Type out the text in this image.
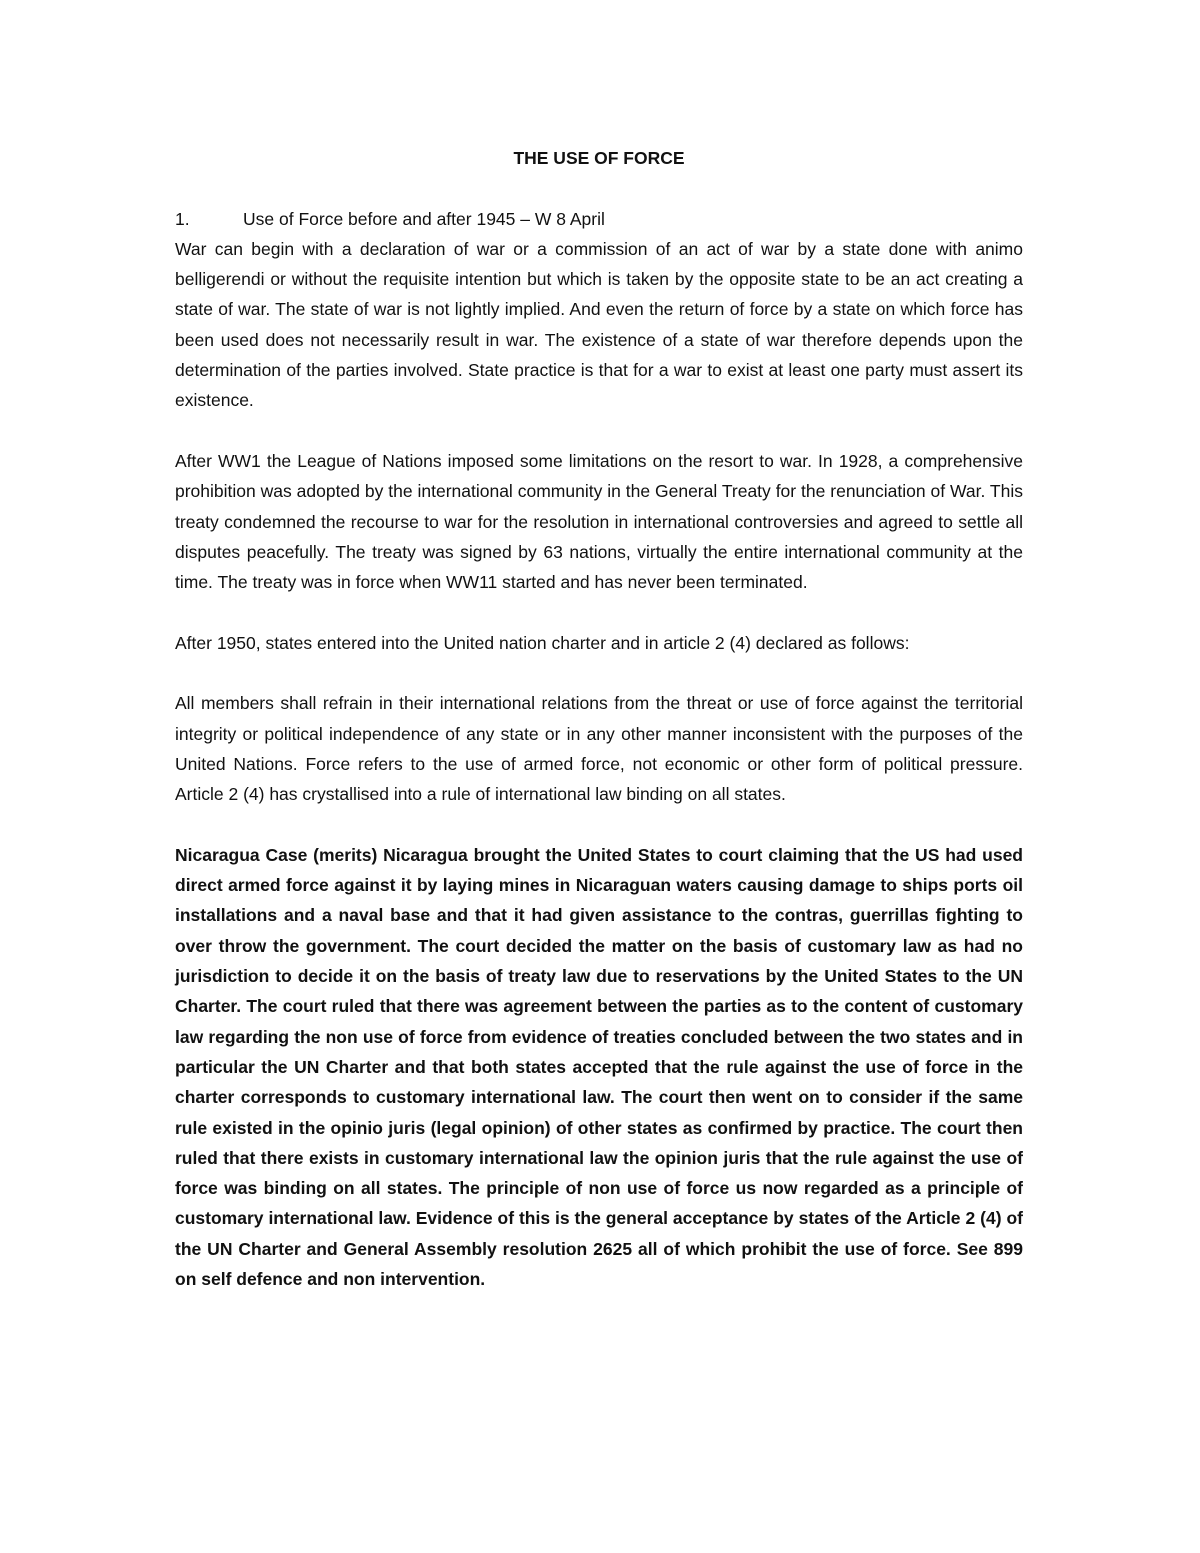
THE USE OF FORCE
1.	Use of Force before and after 1945 – W 8 April

War can begin with a declaration of war or a commission of an act of war by a state done with animo belligerendi or without the requisite intention but which is taken by the opposite state to be an act creating a state of war. The state of war is not lightly implied. And even the return of force by a state on which force has been used does not necessarily result in war. The existence of a state of war therefore depends upon the determination of the parties involved. State practice is that for a war to exist at least one party must assert its existence.

After WW1 the League of Nations imposed some limitations on the resort to war. In 1928, a comprehensive prohibition was adopted by the international community in the General Treaty for the renunciation of War. This treaty condemned the recourse to war for the resolution in international controversies and agreed to settle all disputes peacefully. The treaty was signed by 63 nations, virtually the entire international community at the time. The treaty was in force when WW11 started and has never been terminated.

After 1950, states entered into the United nation charter and in article 2 (4) declared as follows:

All members shall refrain in their international relations from the threat or use of force against the territorial integrity or political independence of any state or in any other manner inconsistent with the purposes of the United Nations. Force refers to the use of armed force, not economic or other form of political pressure. Article 2 (4) has crystallised into a rule of international law binding on all states.

Nicaragua Case (merits) Nicaragua brought the United States to court claiming that the US had used direct armed force against it by laying mines in Nicaraguan waters causing damage to ships ports oil installations and a naval base and that it had given assistance to the contras, guerrillas fighting to over throw the government. The court decided the matter on the basis of customary law as had no jurisdiction to decide it on the basis of treaty law due to reservations by the United States to the UN Charter. The court ruled that there was agreement between the parties as to the content of customary law regarding the non use of force from evidence of treaties concluded between the two states and in particular the UN Charter and that both states accepted that the rule against the use of force in the charter corresponds to customary international law. The court then went on to consider if the same rule existed in the opinio juris (legal opinion) of other states as confirmed by practice. The court then ruled that there exists in customary international law the opinion juris that the rule against the use of force was binding on all states. The principle of non use of force us now regarded as a principle of customary international law. Evidence of this is the general acceptance by states of the Article 2 (4) of the UN Charter and General Assembly resolution 2625 all of which prohibit the use of force. See 899 on self defence and non intervention.
